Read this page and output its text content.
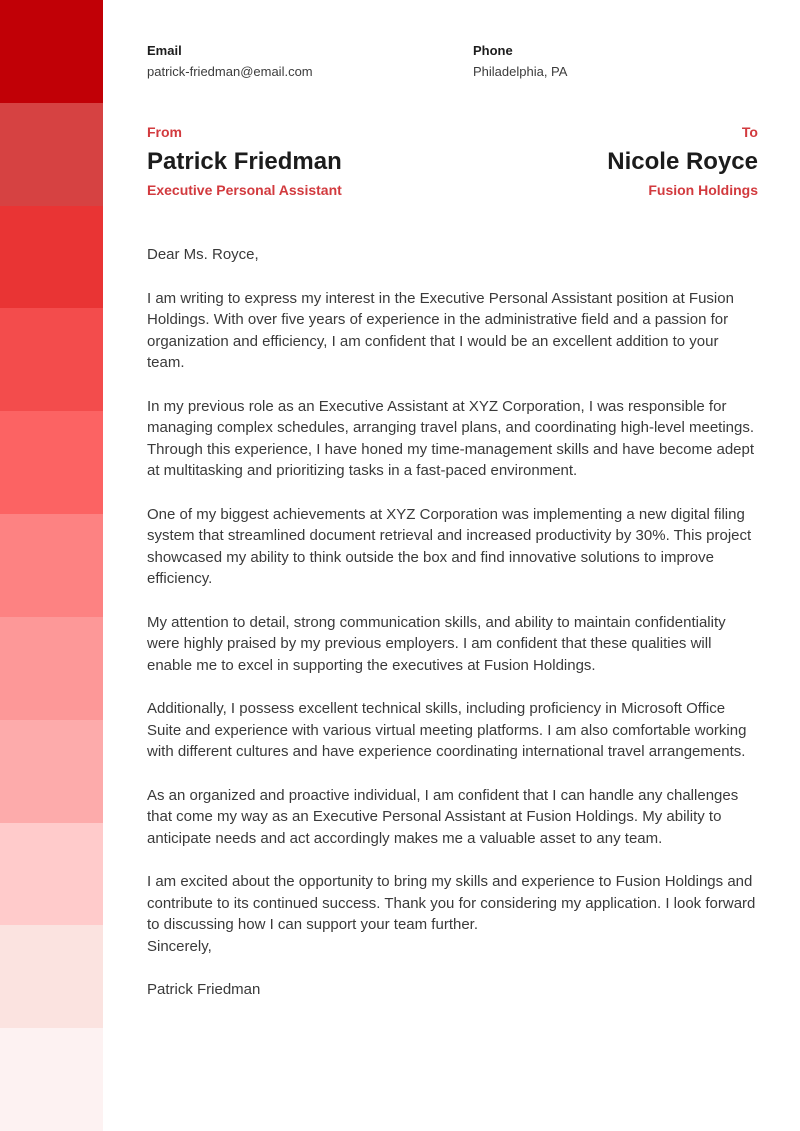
Email
patrick-friedman@email.com
Phone
Philadelphia, PA
From
Patrick Friedman
Executive Personal Assistant
To
Nicole Royce
Fusion Holdings

Dear Ms. Royce,

I am writing to express my interest in the Executive Personal Assistant position at Fusion Holdings. With over five years of experience in the administrative field and a passion for organization and efficiency, I am confident that I would be an excellent addition to your team.

In my previous role as an Executive Assistant at XYZ Corporation, I was responsible for managing complex schedules, arranging travel plans, and coordinating high-level meetings. Through this experience, I have honed my time-management skills and have become adept at multitasking and prioritizing tasks in a fast-paced environment.

One of my biggest achievements at XYZ Corporation was implementing a new digital filing system that streamlined document retrieval and increased productivity by 30%. This project showcased my ability to think outside the box and find innovative solutions to improve efficiency.

My attention to detail, strong communication skills, and ability to maintain confidentiality were highly praised by my previous employers. I am confident that these qualities will enable me to excel in supporting the executives at Fusion Holdings.

Additionally, I possess excellent technical skills, including proficiency in Microsoft Office Suite and experience with various virtual meeting platforms. I am also comfortable working with different cultures and have experience coordinating international travel arrangements.

As an organized and proactive individual, I am confident that I can handle any challenges that come my way as an Executive Personal Assistant at Fusion Holdings. My ability to anticipate needs and act accordingly makes me a valuable asset to any team.

I am excited about the opportunity to bring my skills and experience to Fusion Holdings and contribute to its continued success. Thank you for considering my application. I look forward to discussing how I can support your team further.

Sincerely,

Patrick Friedman
